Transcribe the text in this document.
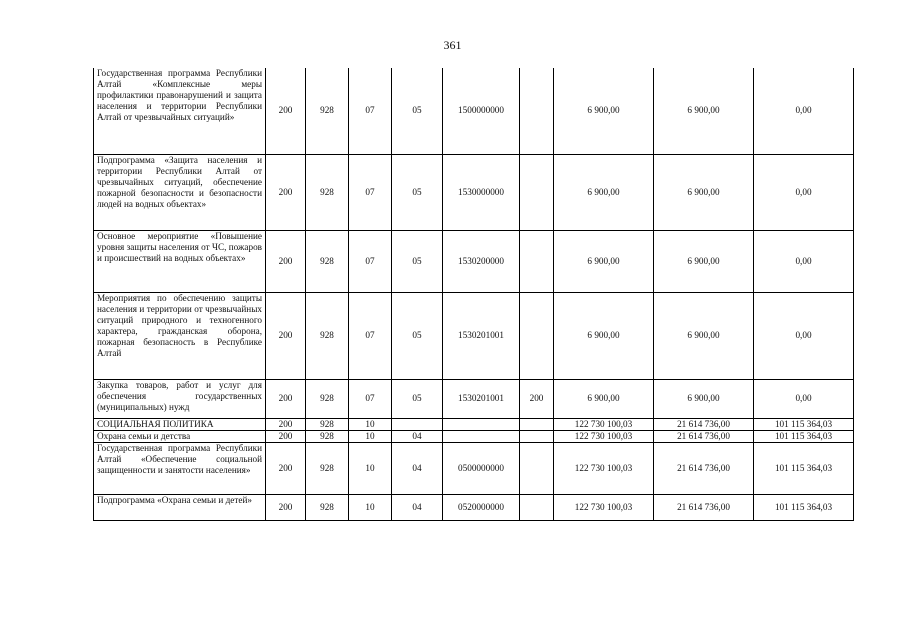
361
Государственная программа Республики Алтай «Комплексные меры профилактики правонарушений и защита населения и территории Республики Алтай от чрезвычайных ситуаций»	200	928	07	05	1500000000		6 900,00	6 900,00	0,00
Подпрограмма «Защита населения и территории Республики Алтай от чрезвычайных ситуаций, обеспечение пожарной безопасности и безопасности людей на водных объектах»	200	928	07	05	1530000000		6 900,00	6 900,00	0,00
Основное мероприятие «Повышение уровня защиты населения от ЧС, пожаров и происшествий на водных объектах»	200	928	07	05	1530200000		6 900,00	6 900,00	0,00
Мероприятия по обеспечению защиты населения и территории от чрезвычайных ситуаций природного и техногенного характера, гражданская оборона, пожарная безопасность в Республике Алтай	200	928	07	05	1530201001		6 900,00	6 900,00	0,00
Закупка товаров, работ и услуг для обеспечения государственных (муниципальных) нужд	200	928	07	05	1530201001	200	6 900,00	6 900,00	0,00
СОЦИАЛЬНАЯ ПОЛИТИКА	200	928	10				122 730 100,03	21 614 736,00	101 115 364,03
Охрана семьи и детства	200	928	10	04			122 730 100,03	21 614 736,00	101 115 364,03
Государственная программа Республики Алтай «Обеспечение социальной защищенности и занятости населения»	200	928	10	04	0500000000		122 730 100,03	21 614 736,00	101 115 364,03
Подпрограмма «Охрана семьи и детей»	200	928	10	04	0520000000		122 730 100,03	21 614 736,00	101 115 364,03
